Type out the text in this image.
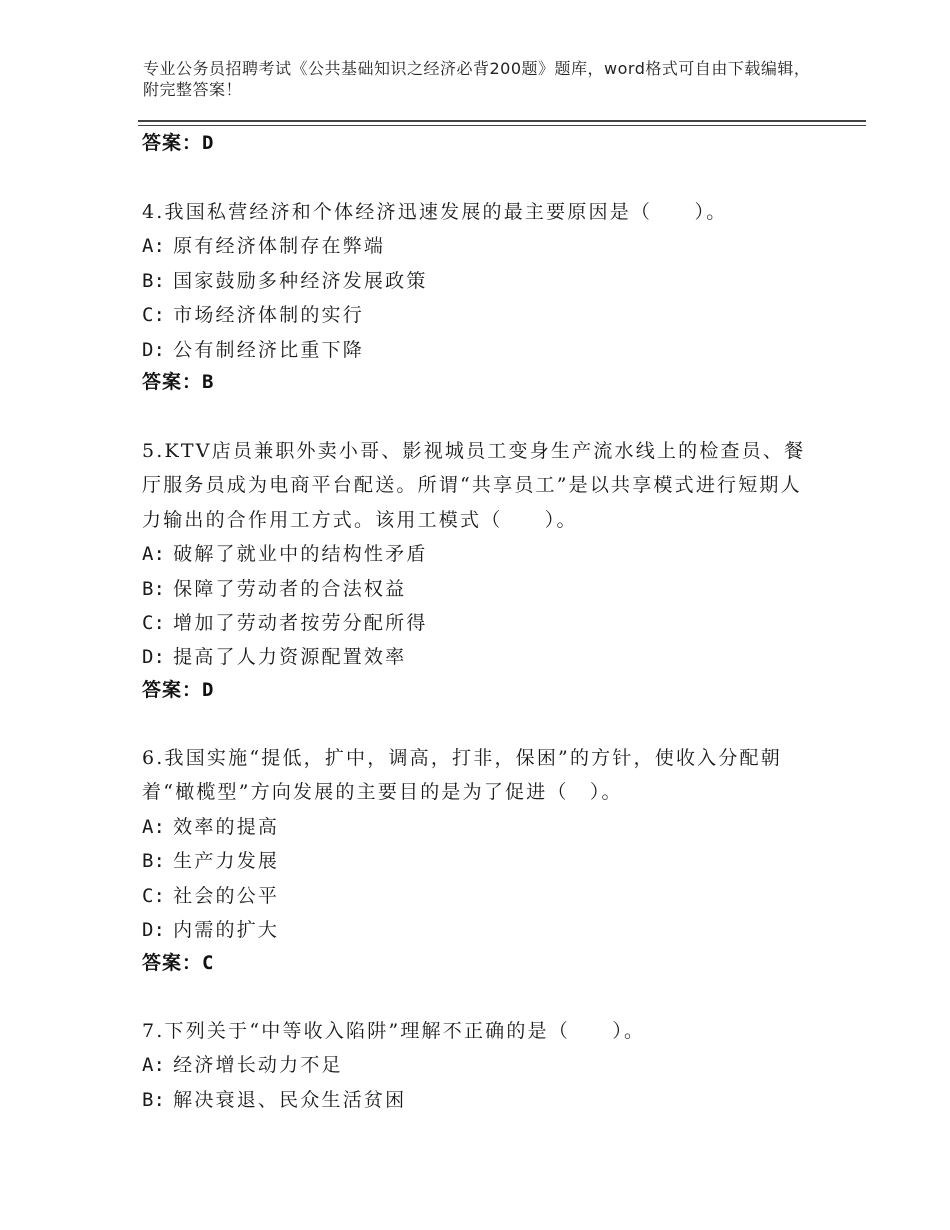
专业公务员招聘考试《公共基础知识之经济必背200题》题库，word格式可自由下载编辑，附完整答案！
答案：D

4.我国私营经济和个体经济迅速发展的最主要原因是（　　）。

A: 原有经济体制存在弊端

B: 国家鼓励多种经济发展政策

C: 市场经济体制的实行

D: 公有制经济比重下降

答案：B

5.KTV店员兼职外卖小哥、影视城员工变身生产流水线上的检查员、餐厅服务员成为电商平台配送。所谓“共享员工”是以共享模式进行短期人力输出的合作用工方式。该用工模式（　　）。

A: 破解了就业中的结构性矛盾

B: 保障了劳动者的合法权益

C: 增加了劳动者按劳分配所得

D: 提高了人力资源配置效率

答案：D

6.我国实施“提低，扩中，调高，打非，保困”的方针，使收入分配朝着“橄榄型”方向发展的主要目的是为了促进（　）。

A: 效率的提高

B: 生产力发展

C: 社会的公平

D: 内需的扩大

答案：C

7.下列关于“中等收入陷阱”理解不正确的是（　　）。

A: 经济增长动力不足

B: 解决衰退、民众生活贫困
